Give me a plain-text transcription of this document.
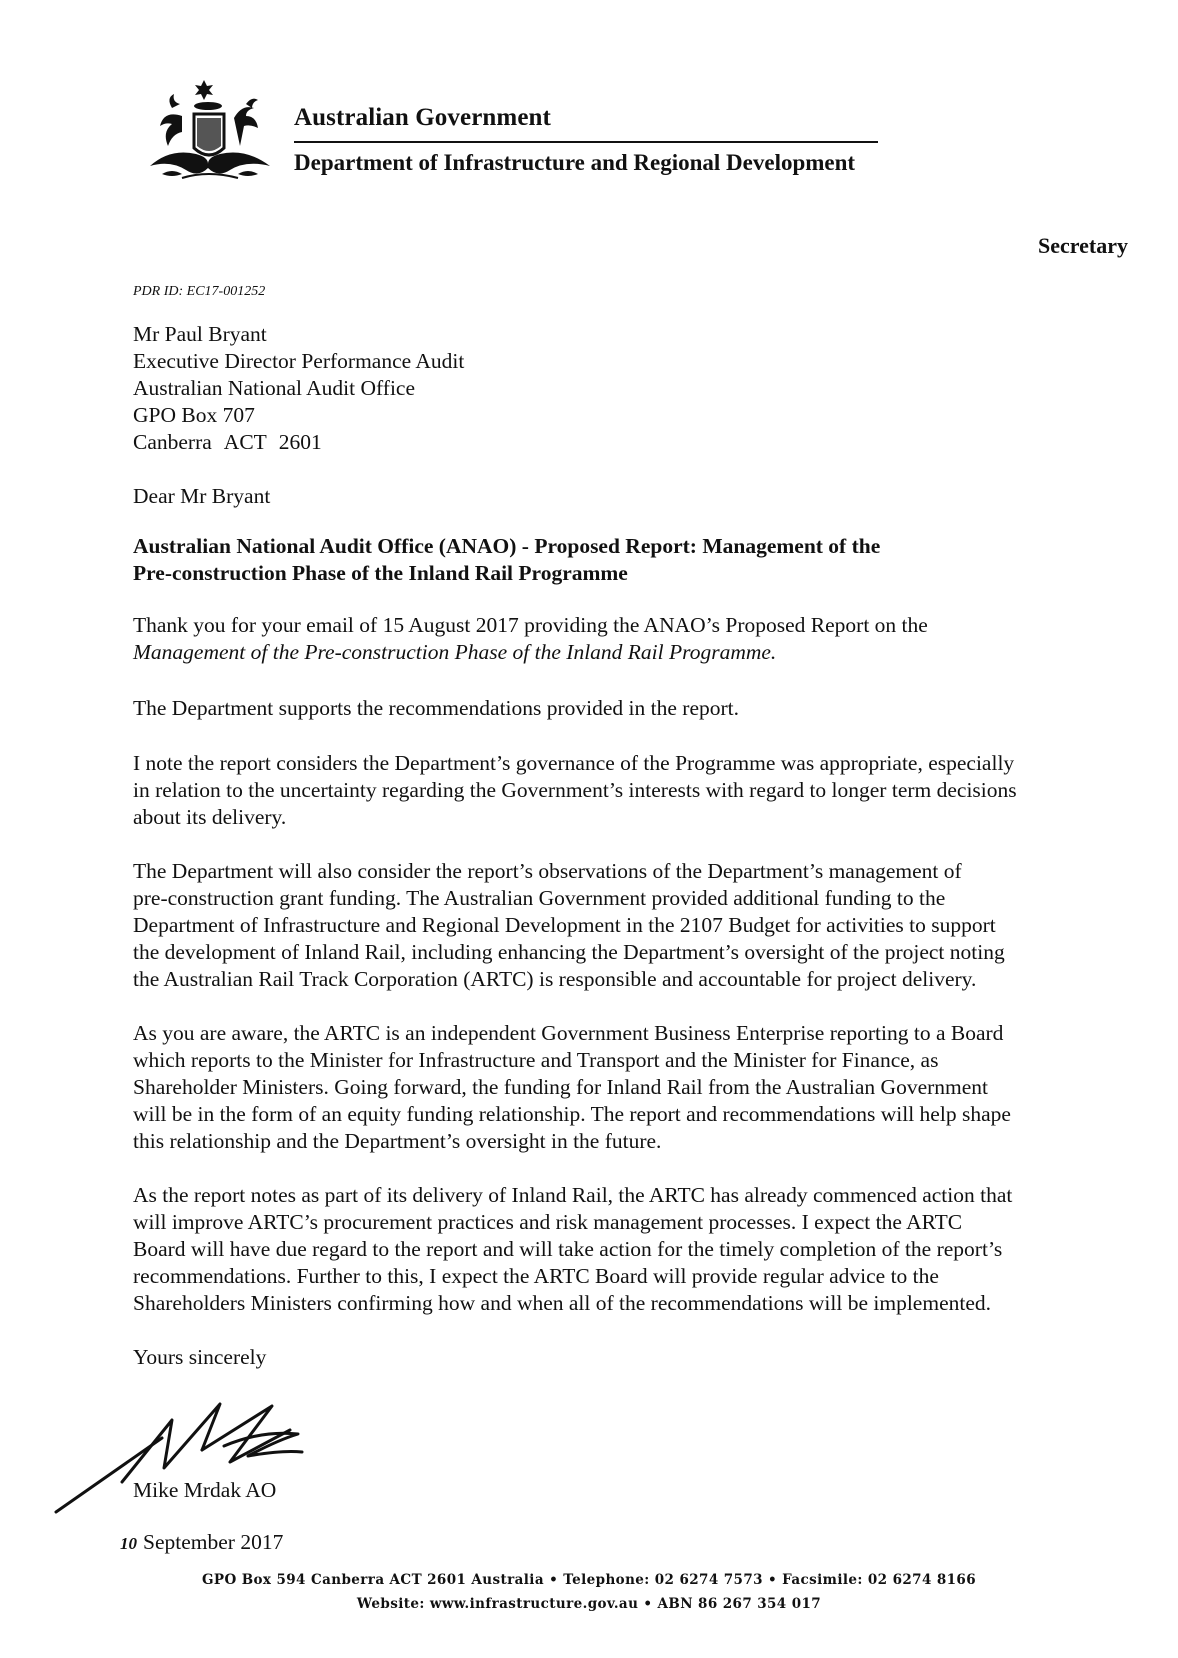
Australian Government
Department of Infrastructure and Regional Development
Secretary
PDR ID: EC17-001252
Mr Paul Bryant
Executive Director Performance Audit
Australian National Audit Office
GPO Box 707
Canberra ACT 2601
Dear Mr Bryant
Australian National Audit Office (ANAO) - Proposed Report: Management of the
Pre-construction Phase of the Inland Rail Programme

Thank you for your email of 15 August 2017 providing the ANAO’s Proposed Report on the

Management of the Pre-construction Phase of the Inland Rail Programme.

The Department supports the recommendations provided in the report.

I note the report considers the Department’s governance of the Programme was appropriate, especially

in relation to the uncertainty regarding the Government’s interests with regard to longer term decisions

about its delivery.

The Department will also consider the report’s observations of the Department’s management of

pre-construction grant funding. The Australian Government provided additional funding to the

Department of Infrastructure and Regional Development in the 2107 Budget for activities to support

the development of Inland Rail, including enhancing the Department’s oversight of the project noting

the Australian Rail Track Corporation (ARTC) is responsible and accountable for project delivery.

As you are aware, the ARTC is an independent Government Business Enterprise reporting to a Board

which reports to the Minister for Infrastructure and Transport and the Minister for Finance, as

Shareholder Ministers. Going forward, the funding for Inland Rail from the Australian Government

will be in the form of an equity funding relationship. The report and recommendations will help shape

this relationship and the Department’s oversight in the future.

As the report notes as part of its delivery of Inland Rail, the ARTC has already commenced action that

will improve ARTC’s procurement practices and risk management processes. I expect the ARTC

Board will have due regard to the report and will take action for the timely completion of the report’s

recommendations. Further to this, I expect the ARTC Board will provide regular advice to the

Shareholders Ministers confirming how and when all of the recommendations will be implemented.

Yours sincerely
Mike Mrdak AO
10 September 2017
GPO Box 594 Canberra ACT 2601 Australia • Telephone: 02 6274 7573 • Facsimile: 02 6274 8166
Website: www.infrastructure.gov.au • ABN 86 267 354 017
